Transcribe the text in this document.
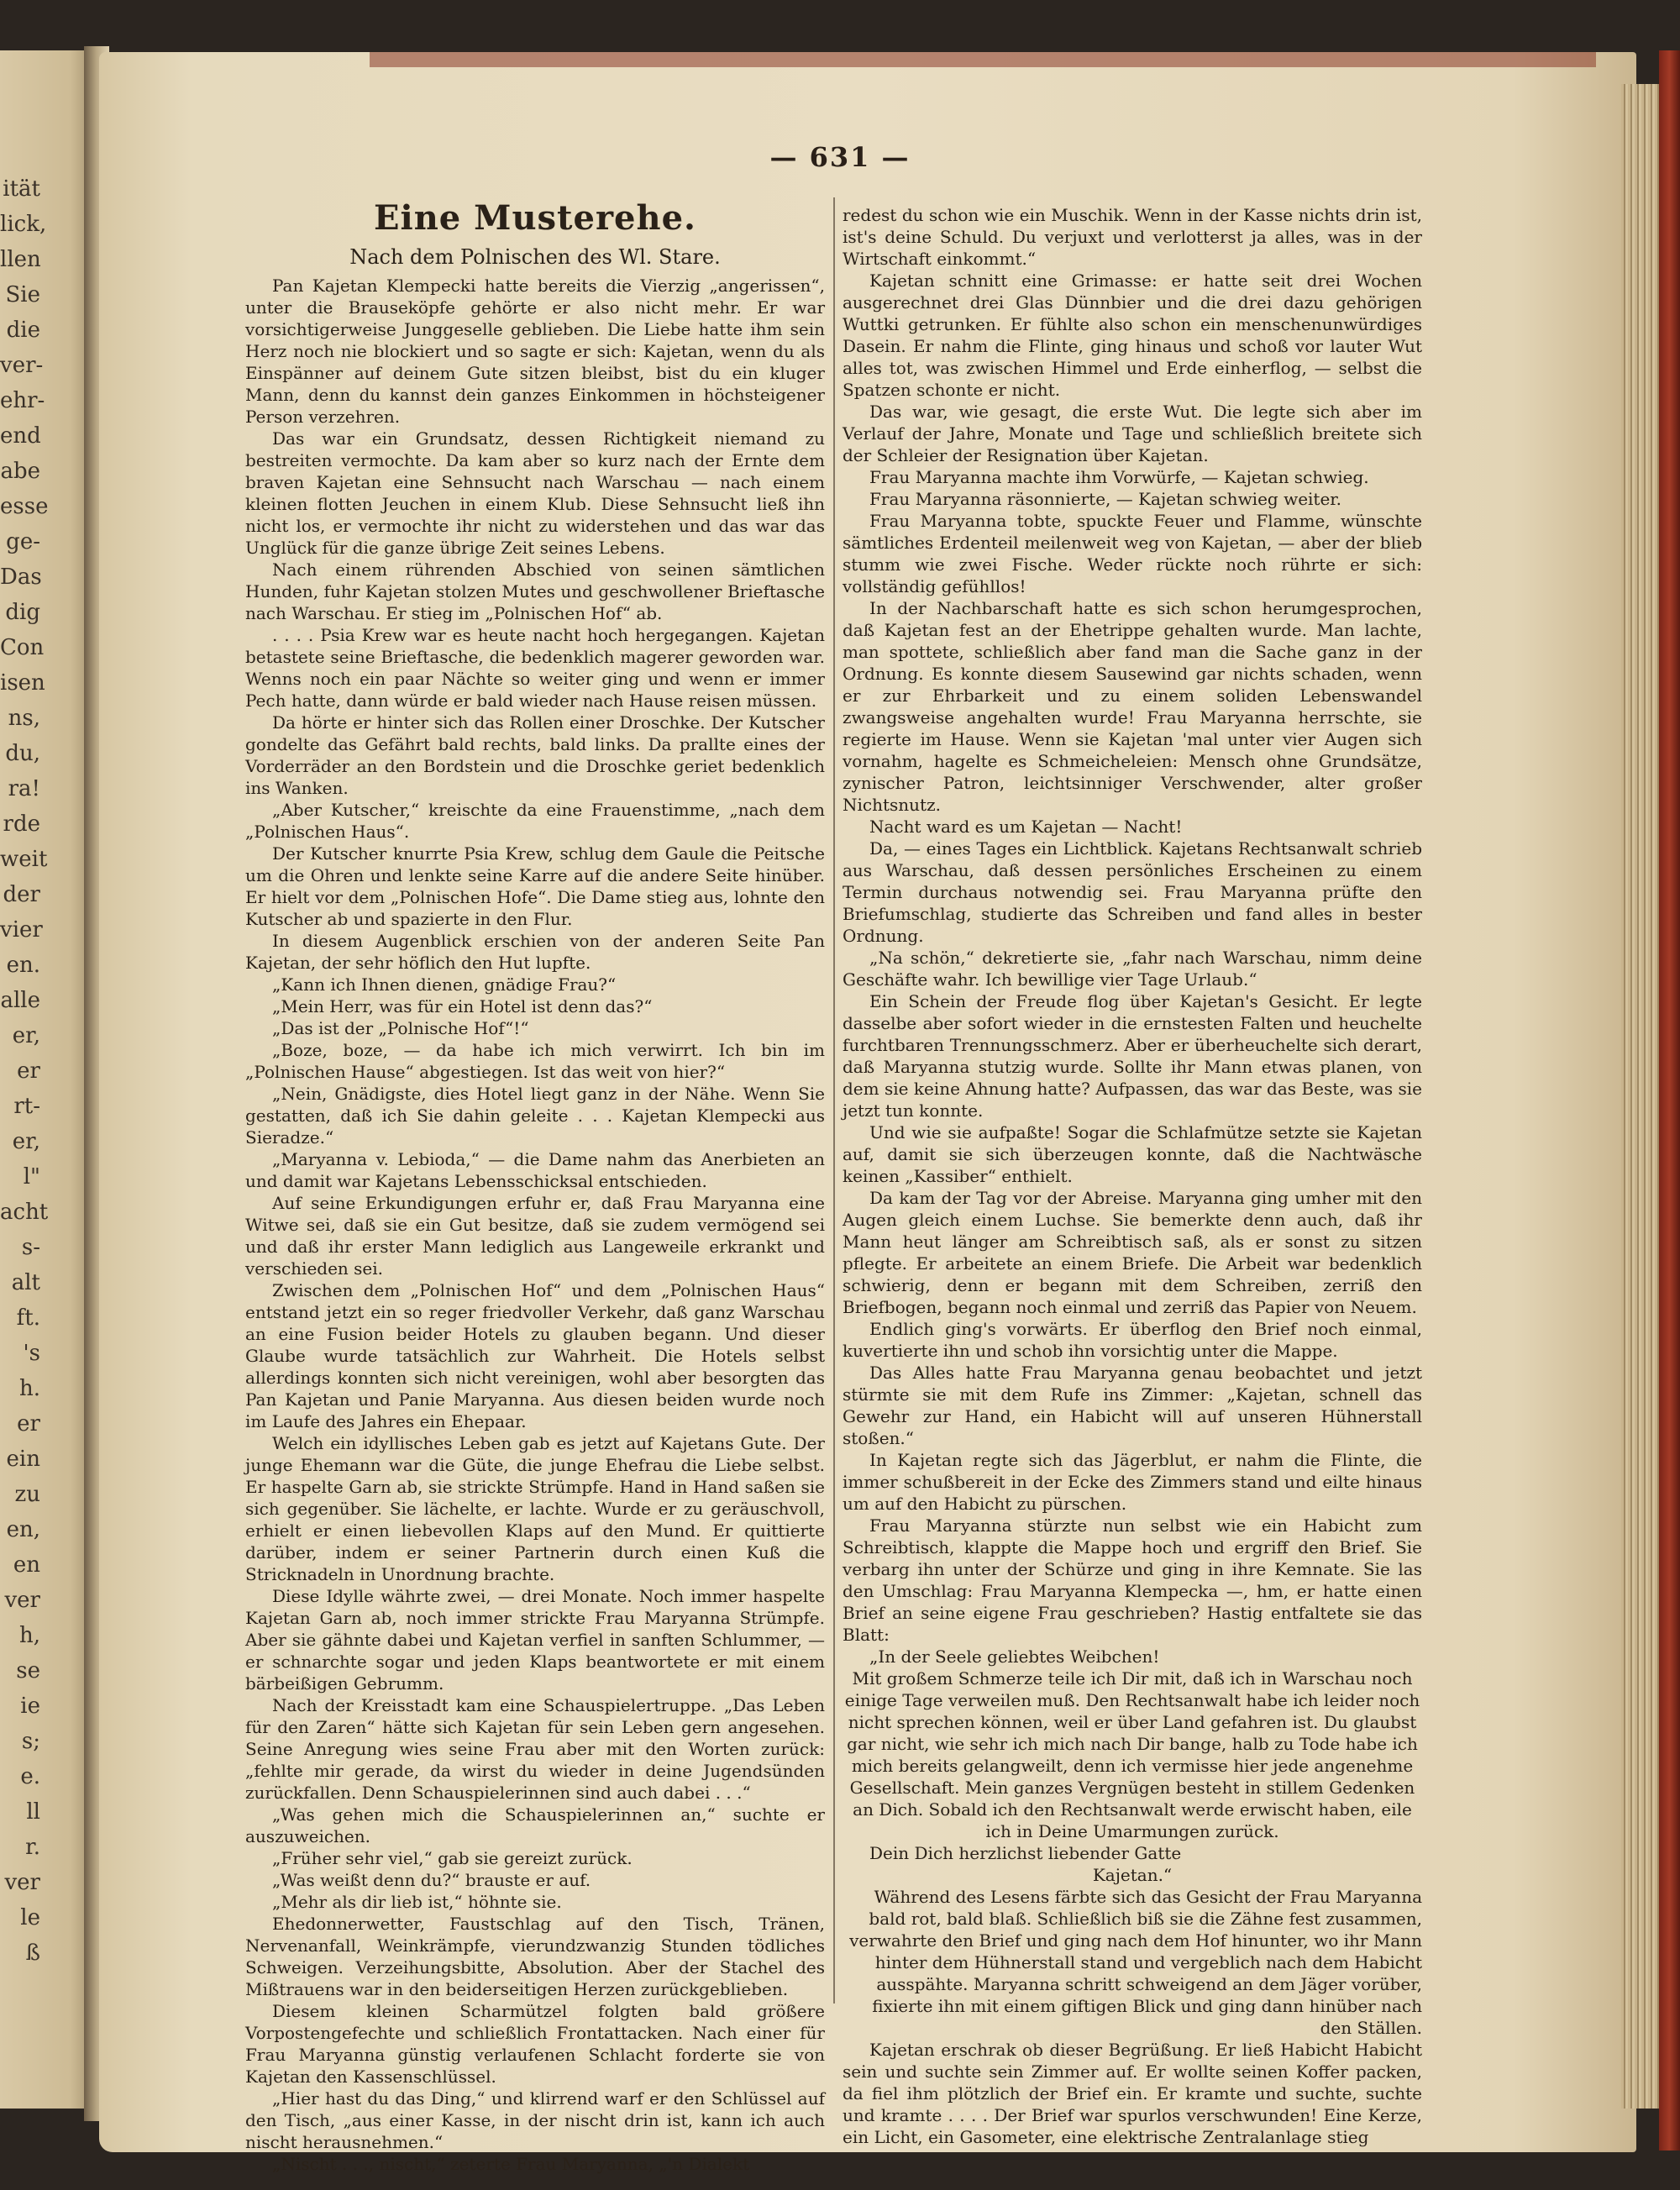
ität
lick,
llen
Sie
die
ver-
ehr-
end
abe
esse
ge-
Das
dig
Con
isen
ns,
du,
ra!
rde
weit
der
vier
en.
alle
er,
er
rt-
er,
l"
acht
s-
alt
ft.
's
h.
er
ein
zu
en,
en
ver
h,
se
ie
s;
e.
ll
r.
ver
le
ß
— 631 —
Eine Musterehe.
Nach dem Polnischen des Wl. Stare.

Pan Kajetan Klempecki hatte bereits die Vierzig „angerissen“, unter die Brauseköpfe gehörte er also nicht mehr. Er war vorsichtigerweise Junggeselle geblieben. Die Liebe hatte ihm sein Herz noch nie blockiert und so sagte er sich: Kajetan, wenn du als Einspänner auf deinem Gute sitzen bleibst, bist du ein kluger Mann, denn du kannst dein ganzes Einkommen in höchsteigener Person verzehren.

Das war ein Grundsatz, dessen Richtigkeit niemand zu bestreiten vermochte. Da kam aber so kurz nach der Ernte dem braven Kajetan eine Sehnsucht nach Warschau — nach einem kleinen flotten Jeuchen in einem Klub. Diese Sehnsucht ließ ihn nicht los, er vermochte ihr nicht zu widerstehen und das war das Unglück für die ganze übrige Zeit seines Lebens.

Nach einem rührenden Abschied von seinen sämtlichen Hunden, fuhr Kajetan stolzen Mutes und geschwollener Brieftasche nach Warschau. Er stieg im „Polnischen Hof“ ab.

. . . . Psia Krew war es heute nacht hoch hergegangen. Kajetan betastete seine Brieftasche, die bedenklich magerer geworden war. Wenns noch ein paar Nächte so weiter ging und wenn er immer Pech hatte, dann würde er bald wieder nach Hause reisen müssen.

Da hörte er hinter sich das Rollen einer Droschke. Der Kutscher gondelte das Gefährt bald rechts, bald links. Da prallte eines der Vorderräder an den Bordstein und die Droschke geriet bedenklich ins Wanken.

„Aber Kutscher,“ kreischte da eine Frauenstimme, „nach dem „Polnischen Haus“.

Der Kutscher knurrte Psia Krew, schlug dem Gaule die Peitsche um die Ohren und lenkte seine Karre auf die andere Seite hinüber. Er hielt vor dem „Polnischen Hofe“. Die Dame stieg aus, lohnte den Kutscher ab und spazierte in den Flur.

In diesem Augenblick erschien von der anderen Seite Pan Kajetan, der sehr höflich den Hut lupfte.

„Kann ich Ihnen dienen, gnädige Frau?“

„Mein Herr, was für ein Hotel ist denn das?“

„Das ist der „Polnische Hof“!“

„Boze, boze, — da habe ich mich verwirrt. Ich bin im „Polnischen Hause“ abgestiegen. Ist das weit von hier?“

„Nein, Gnädigste, dies Hotel liegt ganz in der Nähe. Wenn Sie gestatten, daß ich Sie dahin geleite . . . Kajetan Klempecki aus Sieradze.“

„Maryanna v. Lebioda,“ — die Dame nahm das Anerbieten an und damit war Kajetans Lebensschicksal entschieden.

Auf seine Erkundigungen erfuhr er, daß Frau Maryanna eine Witwe sei, daß sie ein Gut besitze, daß sie zudem vermögend sei und daß ihr erster Mann lediglich aus Langeweile erkrankt und verschieden sei.

Zwischen dem „Polnischen Hof“ und dem „Polnischen Haus“ entstand jetzt ein so reger friedvoller Verkehr, daß ganz Warschau an eine Fusion beider Hotels zu glauben begann. Und dieser Glaube wurde tatsächlich zur Wahrheit. Die Hotels selbst allerdings konnten sich nicht vereinigen, wohl aber besorgten das Pan Kajetan und Panie Maryanna. Aus diesen beiden wurde noch im Laufe des Jahres ein Ehepaar.

Welch ein idyllisches Leben gab es jetzt auf Kajetans Gute. Der junge Ehemann war die Güte, die junge Ehefrau die Liebe selbst. Er haspelte Garn ab, sie strickte Strümpfe. Hand in Hand saßen sie sich gegenüber. Sie lächelte, er lachte. Wurde er zu geräuschvoll, erhielt er einen liebevollen Klaps auf den Mund. Er quittierte darüber, indem er seiner Partnerin durch einen Kuß die Stricknadeln in Unordnung brachte.

Diese Idylle währte zwei, — drei Monate. Noch immer haspelte Kajetan Garn ab, noch immer strickte Frau Maryanna Strümpfe. Aber sie gähnte dabei und Kajetan verfiel in sanften Schlummer, — er schnarchte sogar und jeden Klaps beantwortete er mit einem bärbeißigen Gebrumm.

Nach der Kreisstadt kam eine Schauspielertruppe. „Das Leben für den Zaren“ hätte sich Kajetan für sein Leben gern angesehen. Seine Anregung wies seine Frau aber mit den Worten zurück: „fehlte mir gerade, da wirst du wieder in deine Jugendsünden zurückfallen. Denn Schauspielerinnen sind auch dabei . . .“

„Was gehen mich die Schauspielerinnen an,“ suchte er auszuweichen.

„Früher sehr viel,“ gab sie gereizt zurück.

„Was weißt denn du?“ brauste er auf.

„Mehr als dir lieb ist,“ höhnte sie.

Ehedonnerwetter, Faustschlag auf den Tisch, Tränen, Nervenanfall, Weinkrämpfe, vierundzwanzig Stunden tödliches Schweigen. Verzeihungsbitte, Absolution. Aber der Stachel des Mißtrauens war in den beiderseitigen Herzen zurückgeblieben.

Diesem kleinen Scharmützel folgten bald größere Vorpostengefechte und schließlich Frontattacken. Nach einer für Frau Maryanna günstig verlaufenen Schlacht forderte sie von Kajetan den Kassenschlüssel.

„Hier hast du das Ding,“ und klirrend warf er den Schlüssel auf den Tisch, „aus einer Kasse, in der nischt drin ist, kann ich auch nischt herausnehmen.“

„Nischt . . ., nischt,“ zeterte Frau Maryanna, „'n Dialekt

redest du schon wie ein Muschik. Wenn in der Kasse nichts drin ist, ist's deine Schuld. Du verjuxt und verlotterst ja alles, was in der Wirtschaft einkommt.“

Kajetan schnitt eine Grimasse: er hatte seit drei Wochen ausgerechnet drei Glas Dünnbier und die drei dazu gehörigen Wuttki getrunken. Er fühlte also schon ein menschenunwürdiges Dasein. Er nahm die Flinte, ging hinaus und schoß vor lauter Wut alles tot, was zwischen Himmel und Erde einherflog, — selbst die Spatzen schonte er nicht.

Das war, wie gesagt, die erste Wut. Die legte sich aber im Verlauf der Jahre, Monate und Tage und schließlich breitete sich der Schleier der Resignation über Kajetan.

Frau Maryanna machte ihm Vorwürfe, — Kajetan schwieg.

Frau Maryanna räsonnierte, — Kajetan schwieg weiter.

Frau Maryanna tobte, spuckte Feuer und Flamme, wünschte sämtliches Erdenteil meilenweit weg von Kajetan, — aber der blieb stumm wie zwei Fische. Weder rückte noch rührte er sich: vollständig gefühllos!

In der Nachbarschaft hatte es sich schon herumgesprochen, daß Kajetan fest an der Ehetrippe gehalten wurde. Man lachte, man spottete, schließlich aber fand man die Sache ganz in der Ordnung. Es konnte diesem Sausewind gar nichts schaden, wenn er zur Ehrbarkeit und zu einem soliden Lebenswandel zwangsweise angehalten wurde! Frau Maryanna herrschte, sie regierte im Hause. Wenn sie Kajetan 'mal unter vier Augen sich vornahm, hagelte es Schmeicheleien: Mensch ohne Grundsätze, zynischer Patron, leichtsinniger Verschwender, alter großer Nichtsnutz.

Nacht ward es um Kajetan — Nacht!

Da, — eines Tages ein Lichtblick. Kajetans Rechtsanwalt schrieb aus Warschau, daß dessen persönliches Erscheinen zu einem Termin durchaus notwendig sei. Frau Maryanna prüfte den Briefumschlag, studierte das Schreiben und fand alles in bester Ordnung.

„Na schön,“ dekretierte sie, „fahr nach Warschau, nimm deine Geschäfte wahr. Ich bewillige vier Tage Urlaub.“

Ein Schein der Freude flog über Kajetan's Gesicht. Er legte dasselbe aber sofort wieder in die ernstesten Falten und heuchelte furchtbaren Trennungsschmerz. Aber er überheuchelte sich derart, daß Maryanna stutzig wurde. Sollte ihr Mann etwas planen, von dem sie keine Ahnung hatte? Aufpassen, das war das Beste, was sie jetzt tun konnte.

Und wie sie aufpaßte! Sogar die Schlafmütze setzte sie Kajetan auf, damit sie sich überzeugen konnte, daß die Nachtwäsche keinen „Kassiber“ enthielt.

Da kam der Tag vor der Abreise. Maryanna ging umher mit den Augen gleich einem Luchse. Sie bemerkte denn auch, daß ihr Mann heut länger am Schreibtisch saß, als er sonst zu sitzen pflegte. Er arbeitete an einem Briefe. Die Arbeit war bedenklich schwierig, denn er begann mit dem Schreiben, zerriß den Briefbogen, begann noch einmal und zerriß das Papier von Neuem.

Endlich ging's vorwärts. Er überflog den Brief noch einmal, kuvertierte ihn und schob ihn vorsichtig unter die Mappe.

Das Alles hatte Frau Maryanna genau beobachtet und jetzt stürmte sie mit dem Rufe ins Zimmer: „Kajetan, schnell das Gewehr zur Hand, ein Habicht will auf unseren Hühnerstall stoßen.“

In Kajetan regte sich das Jägerblut, er nahm die Flinte, die immer schußbereit in der Ecke des Zimmers stand und eilte hinaus um auf den Habicht zu pürschen.

Frau Maryanna stürzte nun selbst wie ein Habicht zum Schreibtisch, klappte die Mappe hoch und ergriff den Brief. Sie verbarg ihn unter der Schürze und ging in ihre Kemnate. Sie las den Umschlag: Frau Maryanna Klempecka —, hm, er hatte einen Brief an seine eigene Frau geschrieben? Hastig entfaltete sie das Blatt:

„In der Seele geliebtes Weibchen!

Mit großem Schmerze teile ich Dir mit, daß ich in Warschau noch einige Tage verweilen muß. Den Rechtsanwalt habe ich leider noch nicht sprechen können, weil er über Land gefahren ist. Du glaubst gar nicht, wie sehr ich mich nach Dir bange, halb zu Tode habe ich mich bereits gelangweilt, denn ich vermisse hier jede angenehme Gesellschaft. Mein ganzes Vergnügen besteht in stillem Gedenken an Dich. Sobald ich den Rechtsanwalt werde erwischt haben, eile ich in Deine Umarmungen zurück.

Dein Dich herzlichst liebender Gatte

Kajetan.“

Während des Lesens färbte sich das Gesicht der Frau Maryanna bald rot, bald blaß. Schließlich biß sie die Zähne fest zusammen, verwahrte den Brief und ging nach dem Hof hinunter, wo ihr Mann hinter dem Hühnerstall stand und vergeblich nach dem Habicht ausspähte. Maryanna schritt schweigend an dem Jäger vorüber, fixierte ihn mit einem giftigen Blick und ging dann hinüber nach den Ställen.

Kajetan erschrak ob dieser Begrüßung. Er ließ Habicht Habicht sein und suchte sein Zimmer auf. Er wollte seinen Koffer packen, da fiel ihm plötzlich der Brief ein. Er kramte und suchte, suchte und kramte . . . . Der Brief war spurlos verschwunden! Eine Kerze, ein Licht, ein Gasometer, eine elektrische Zentralanlage stieg
